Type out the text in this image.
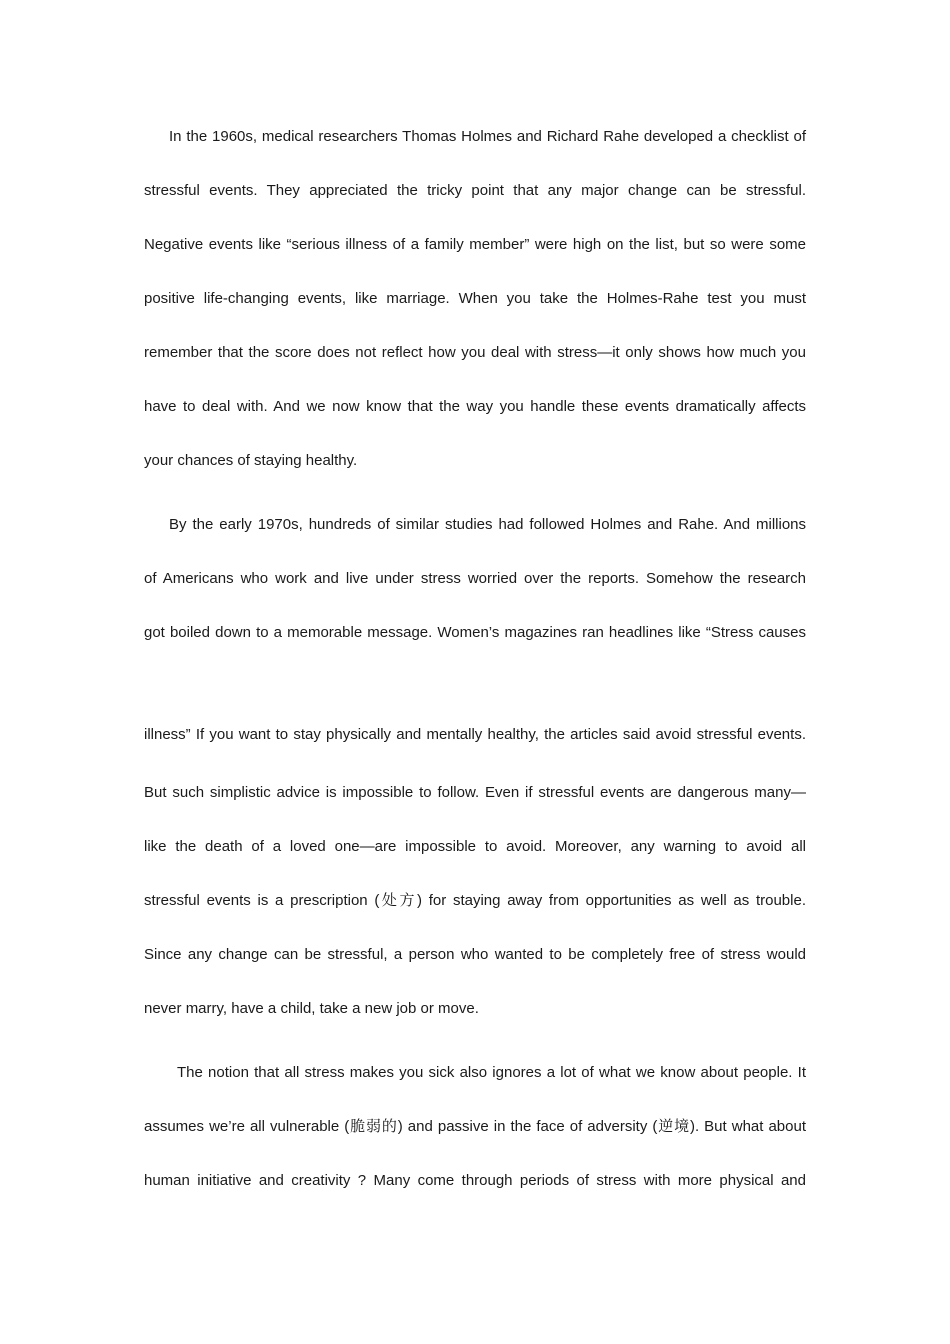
In the 1960s, medical researchers Thomas Holmes and Richard Rahe developed a checklist of
stressful events. They appreciated the tricky point that any major change can be stressful.
Negative events like “serious illness of a family member” were high on the list, but so were some
positive life-changing events, like marriage. When you take the Holmes-Rahe test you must
remember that the score does not reflect how you deal with stress—it only shows how much you
have to deal with. And we now know that the way you handle these events dramatically affects
your chances of staying healthy.
By the early 1970s, hundreds of similar studies had followed Holmes and Rahe. And millions
of Americans who work and live under stress worried over the reports. Somehow the research
got boiled down to a memorable message. Women’s magazines ran headlines like “Stress causes
illness” If you want to stay physically and mentally healthy, the articles said avoid stressful events.
But such simplistic advice is impossible to follow. Even if stressful events are dangerous many—
like the death of a loved one—are impossible to avoid. Moreover, any warning to avoid all
stressful events is a prescription (处方) for staying away from opportunities as well as trouble.
Since any change can be stressful, a person who wanted to be completely free of stress would
never marry, have a child, take a new job or move.
The notion that all stress makes you sick also ignores a lot of what we know about people. It
assumes we’re all vulnerable (脆弱的) and passive in the face of adversity (逆境). But what about
human initiative and creativity ? Many come through periods of stress with more physical and
